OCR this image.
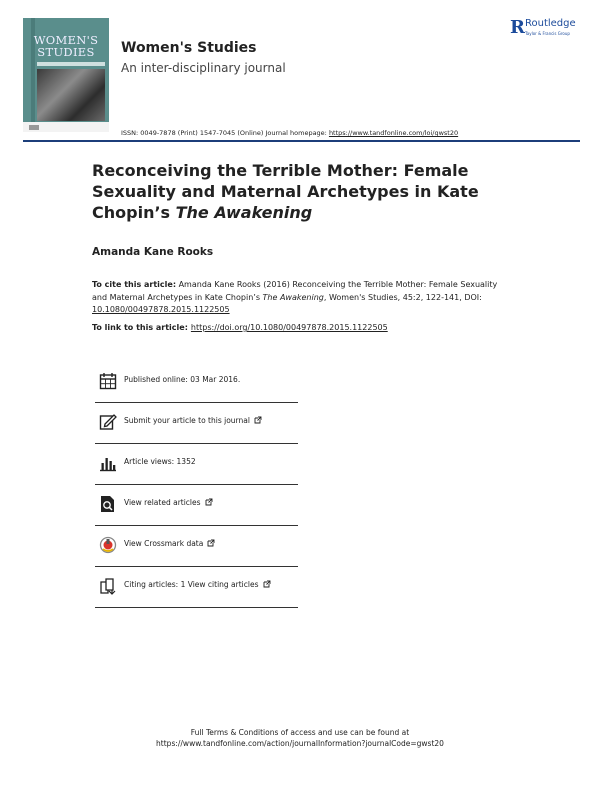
WOMEN'S
STUDIES	Women's Studies
An inter-disciplinary journal
ISSN: 0049-7878 (Print) 1547-7045 (Online) Journal homepage: https://www.tandfonline.com/loi/gwst20
R Routledge
Taylor & Francis Group
Reconceiving the Terrible Mother: Female Sexuality and Maternal Archetypes in Kate Chopin’s The Awakening
Amanda Kane Rooks
To cite this article: Amanda Kane Rooks (2016) Reconceiving the Terrible Mother: Female Sexuality and Maternal Archetypes in Kate Chopin’s The Awakening, Women's Studies, 45:2, 122-141, DOI: 10.1080/00497878.2015.1122505
To link to this article: https://doi.org/10.1080/00497878.2015.1122505
Published online: 03 Mar 2016.
Submit your article to this journal
Article views: 1352
View related articles
View Crossmark data
Citing articles: 1 View citing articles
Full Terms & Conditions of access and use can be found at
https://www.tandfonline.com/action/journalInformation?journalCode=gwst20
